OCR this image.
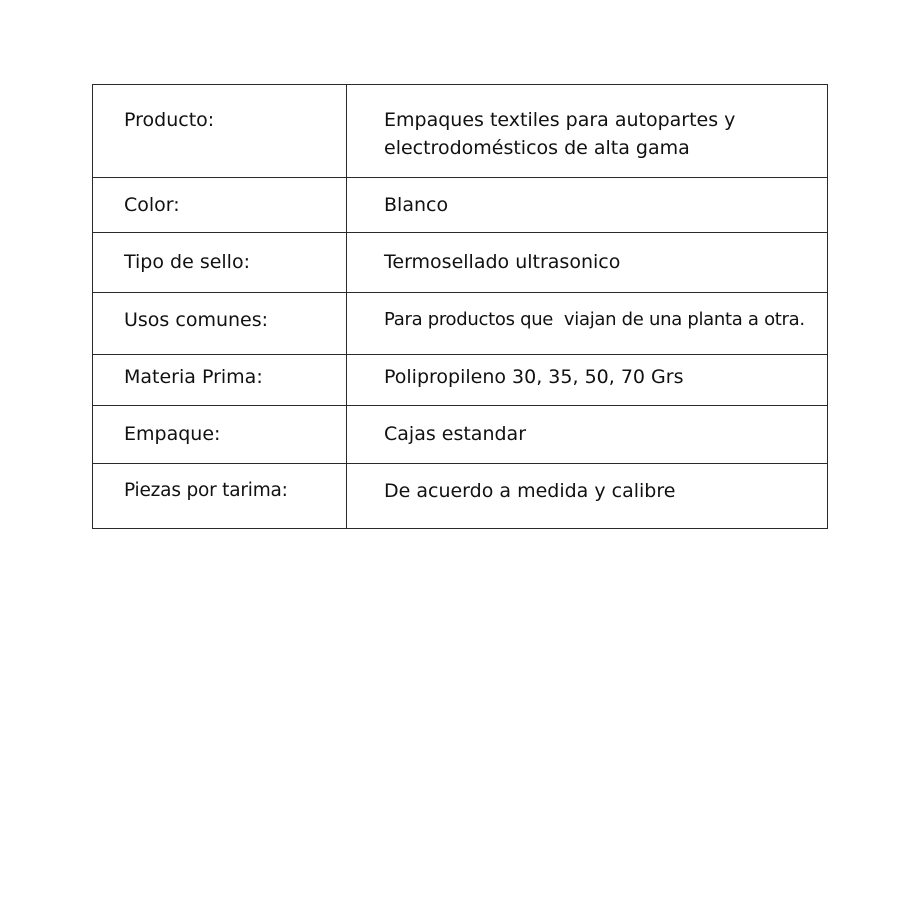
Producto:	Empaques textiles para autopartes y electrodomésticos de alta gama

Color:	Blanco

Tipo de sello:	Termosellado ultrasonico

Usos comunes:	Para productos que  viajan de una planta a otra.

Materia Prima:	Polipropileno 30, 35, 50, 70 Grs

Empaque:	Cajas estandar

Piezas por tarima:	De acuerdo a medida y calibre
